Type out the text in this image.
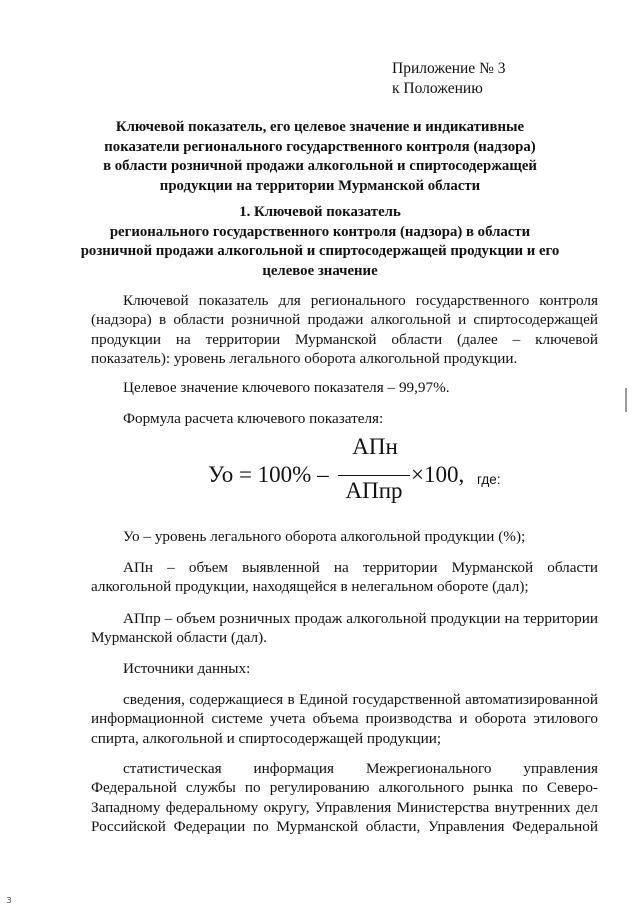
Приложение № 3
к Положению
Ключевой показатель, его целевое значение и индикативные
показатели регионального государственного контроля (надзора)
в области розничной продажи алкогольной и спиртосодержащей
продукции на территории Мурманской области
1. Ключевой показатель
регионального государственного контроля (надзора) в области
розничной продажи алкогольной и спиртосодержащей продукции и его
целевое значение
Ключевой показатель для регионального государственного контроля
(надзора) в области розничной продажи алкогольной и спиртосодержащей
продукции на территории Мурманской области (далее – ключевой
показатель): уровень легального оборота алкогольной продукции.
Целевое значение ключевого показателя – 99,97%.
Формула расчета ключевого показателя:
Уо = 100% –
АПн
АПпр
×100, где:
Уо – уровень легального оборота алкогольной продукции (%);
АПн – объем выявленной на территории Мурманской области
алкогольной продукции, находящейся в нелегальном обороте (дал);
АПпр – объем розничных продаж алкогольной продукции на территории
Мурманской области (дал).
Источники данных:
сведения, содержащиеся в Единой государственной автоматизированной
информационной системе учета объема производства и оборота этилового
спирта, алкогольной и спиртосодержащей продукции;
статистическая информация Межрегионального управления
Федеральной службы по регулированию алкогольного рынка по Северо-
Западному федеральному округу, Управления Министерства внутренних дел
Российской Федерации по Мурманской области, Управления Федеральной
ɜ
